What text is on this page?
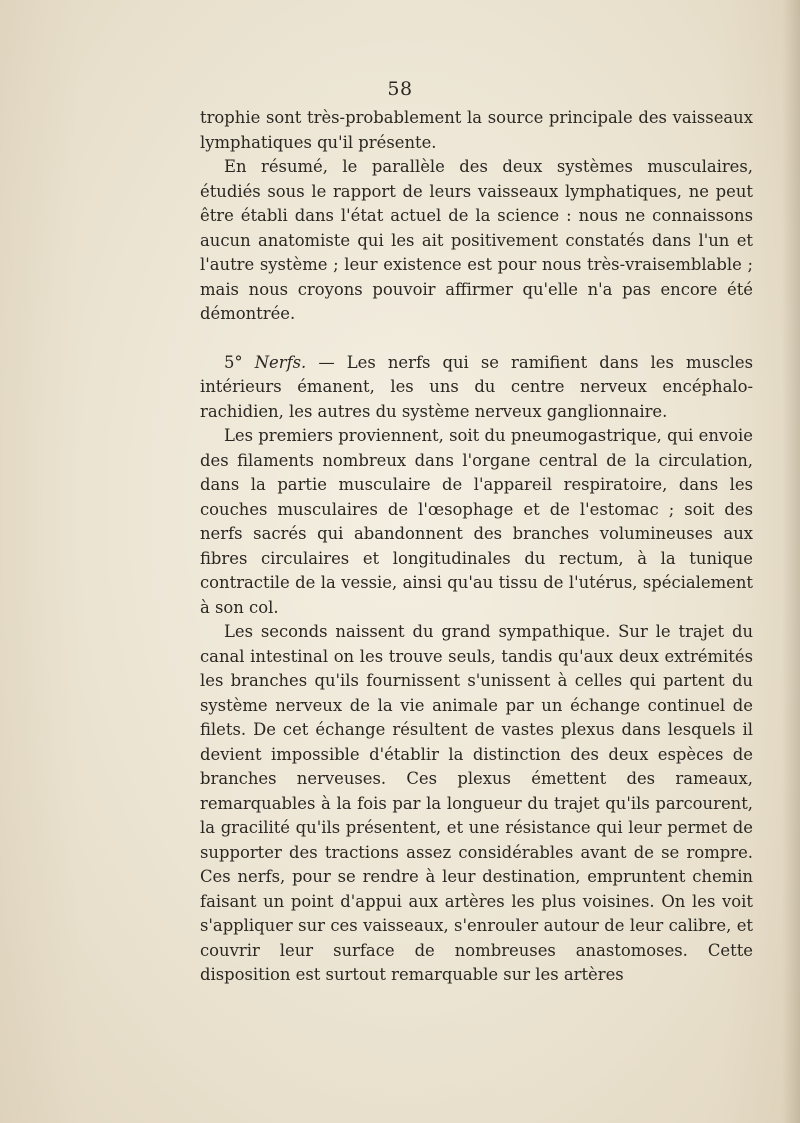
58

trophie sont très-probablement la source principale des vaisseaux lymphatiques qu'il présente.

En résumé, le parallèle des deux systèmes musculaires, étudiés sous le rapport de leurs vaisseaux lymphatiques, ne peut être établi dans l'état actuel de la science : nous ne connaissons aucun anatomiste qui les ait positivement constatés dans l'un et l'autre système ; leur existence est pour nous très-vraisemblable ; mais nous croyons pouvoir affirmer qu'elle n'a pas encore été démontrée.

5° Nerfs. — Les nerfs qui se ramifient dans les muscles intérieurs émanent, les uns du centre nerveux encéphalo-rachidien, les autres du système nerveux ganglionnaire.

Les premiers proviennent, soit du pneumogastrique, qui envoie des filaments nombreux dans l'organe central de la circulation, dans la partie musculaire de l'appareil respiratoire, dans les couches musculaires de l'œsophage et de l'estomac ; soit des nerfs sacrés qui abandonnent des branches volumineuses aux fibres circulaires et longitudinales du rectum, à la tunique contractile de la vessie, ainsi qu'au tissu de l'utérus, spécialement à son col.

Les seconds naissent du grand sympathique. Sur le trajet du canal intestinal on les trouve seuls, tandis qu'aux deux extrémités les branches qu'ils fournissent s'unissent à celles qui partent du système nerveux de la vie animale par un échange continuel de filets. De cet échange résultent de vastes plexus dans lesquels il devient impossible d'établir la distinction des deux espèces de branches nerveuses. Ces plexus émettent des rameaux, remarquables à la fois par la longueur du trajet qu'ils parcourent, la gracilité qu'ils présentent, et une résistance qui leur permet de supporter des tractions assez considérables avant de se rompre. Ces nerfs, pour se rendre à leur destination, empruntent chemin faisant un point d'appui aux artères les plus voisines. On les voit s'appliquer sur ces vaisseaux, s'enrouler autour de leur calibre, et couvrir leur surface de nombreuses anastomoses. Cette disposition est surtout remarquable sur les artères
